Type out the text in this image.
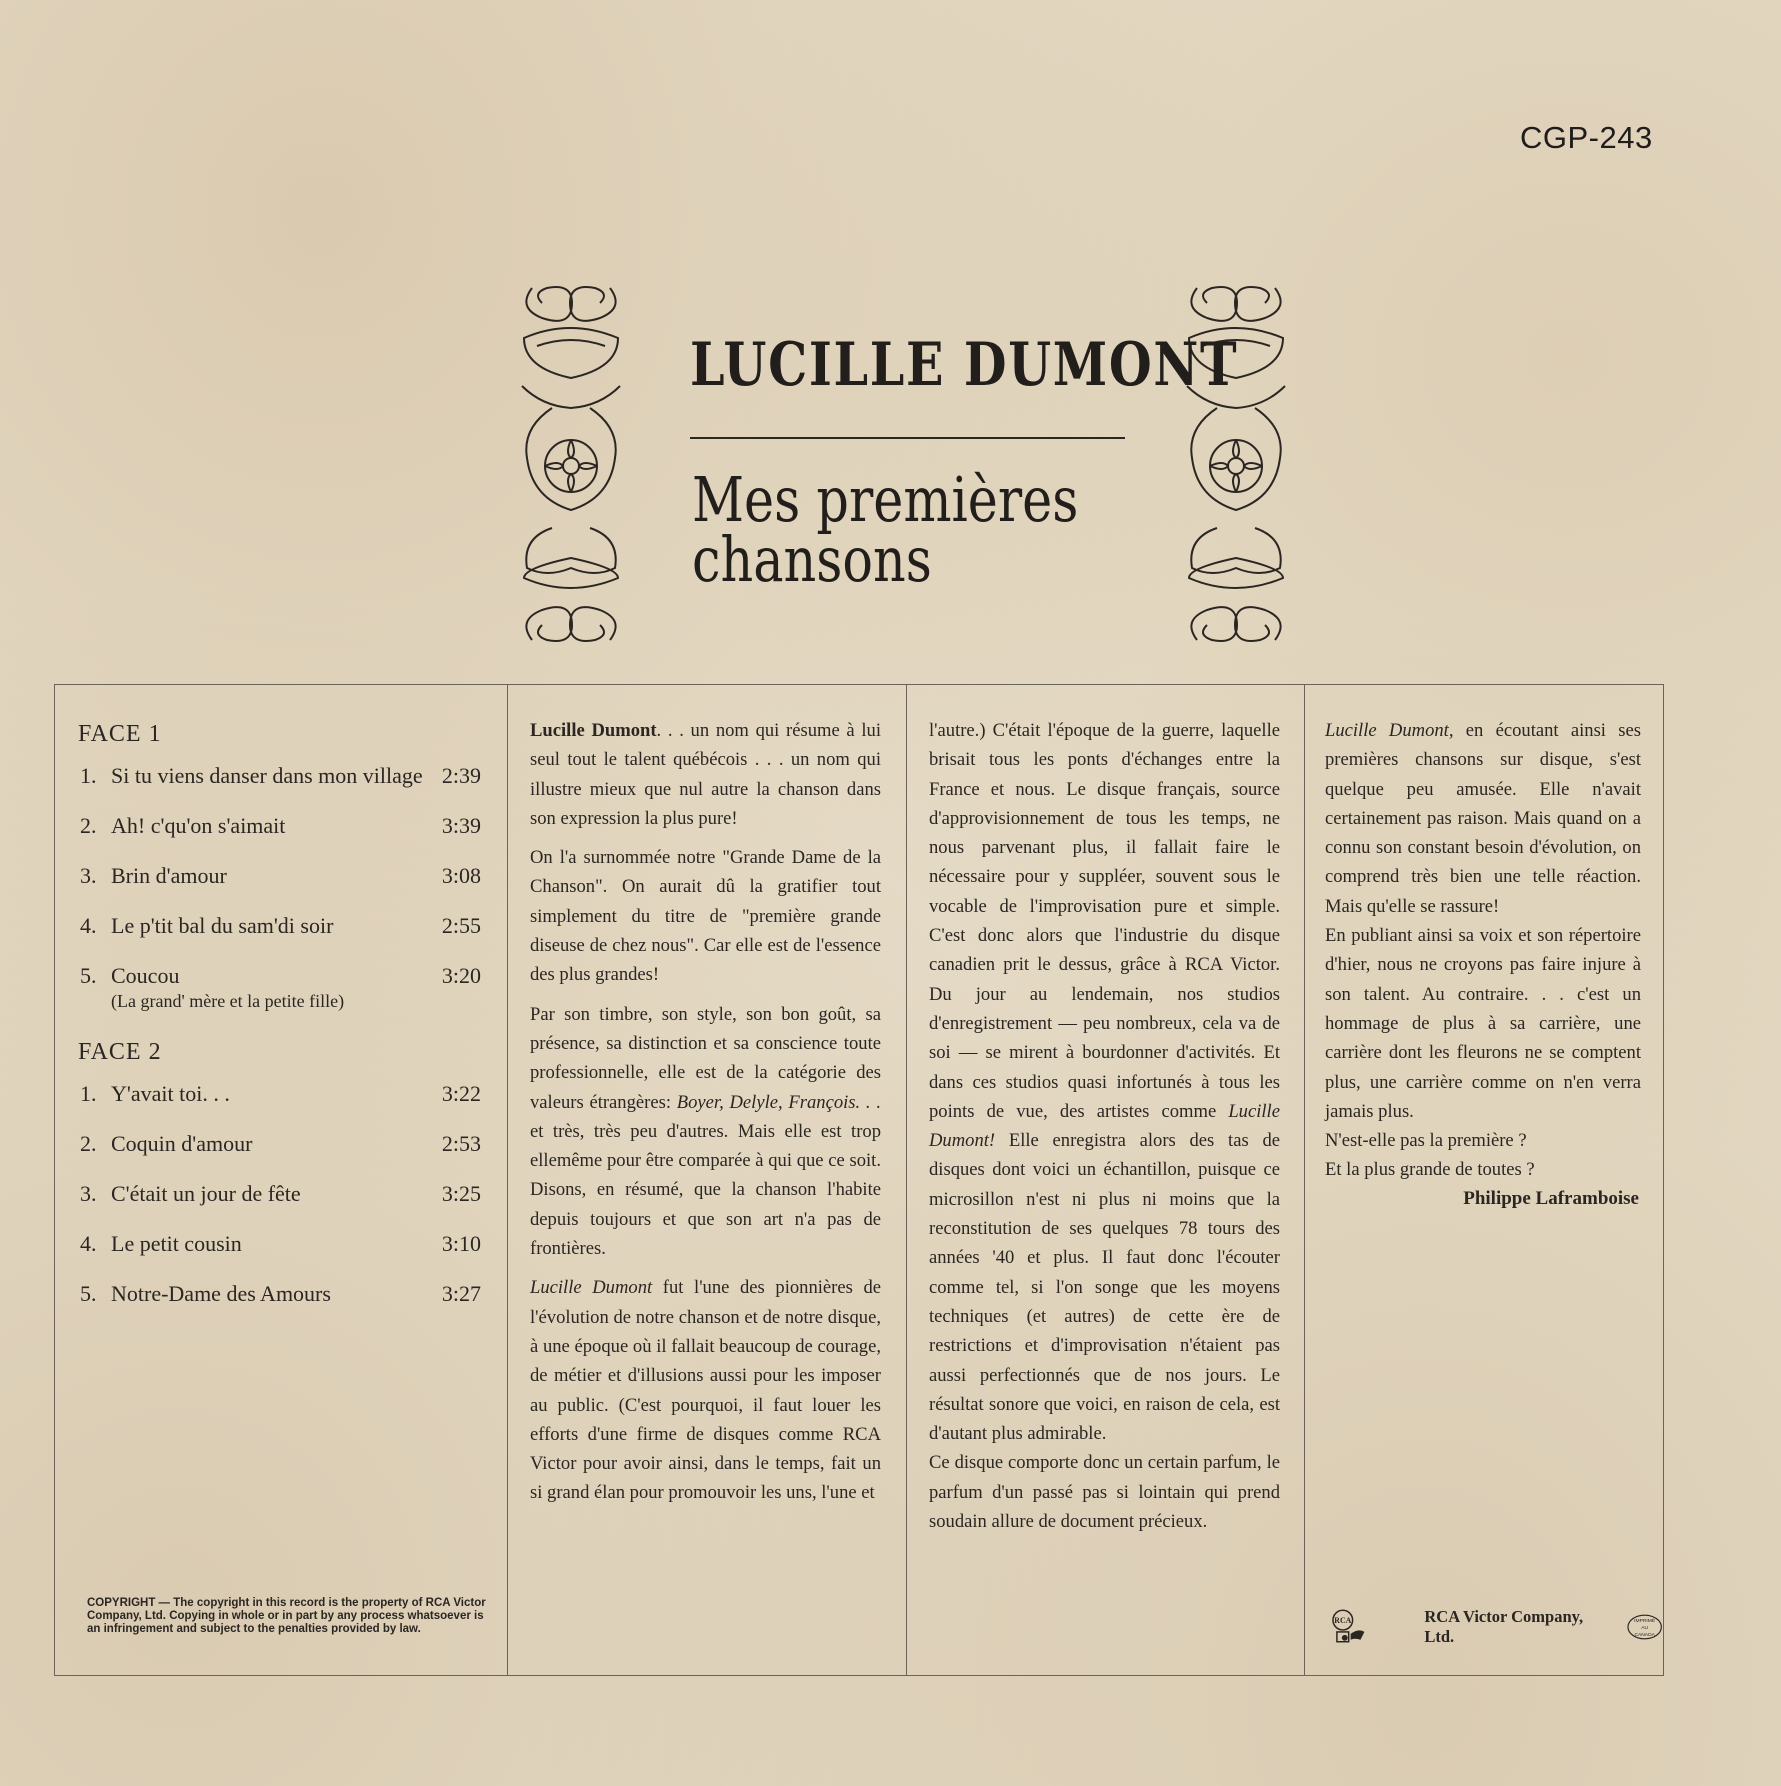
CGP-243
LUCILLE DUMONT
Mes premières
chansons
FACE 1
1. Si tu viens danser dans mon village 2:39
2. Ah! c'qu'on s'aimait	3:39
3. Brin d'amour	3:08
4. Le p'tit bal du sam'di soir	2:55
5. Coucou	3:20
(La grand' mère et la petite fille)
FACE 2
1. Y'avait toi. . .	3:22
2. Coquin d'amour	2:53
3. C'était un jour de fête	3:25
4. Le petit cousin	3:10
5. Notre-Dame des Amours	3:27
COPYRIGHT — The copyright in this record is the property of RCA Victor Company, Ltd. Copying in whole or in part by any process whatsoever is an infringement and subject to the penalties provided by law.

Lucille Dumont. . . un nom qui résume à lui seul tout le talent québécois . . . un nom qui illustre mieux que nul autre la chanson dans son expression la plus pure!

On l'a surnommée notre "Grande Dame de la Chanson". On aurait dû la gratifier tout simplement du titre de "première grande diseuse de chez nous". Car elle est de l'essence des plus grandes!

Par son timbre, son style, son bon goût, sa présence, sa distinction et sa conscience toute professionnelle, elle est de la catégorie des valeurs étrangères: Boyer, Delyle, François. . . et très, très peu d'autres. Mais elle est trop ellemême pour être comparée à qui que ce soit. Disons, en résumé, que la chanson l'habite depuis toujours et que son art n'a pas de frontières.

Lucille Dumont fut l'une des pionnières de l'évolution de notre chanson et de notre disque, à une époque où il fallait beaucoup de courage, de métier et d'illusions aussi pour les imposer au public. (C'est pourquoi, il faut louer les efforts d'une firme de disques comme RCA Victor pour avoir ainsi, dans le temps, fait un si grand élan pour promouvoir les uns, l'une et

l'autre.) C'était l'époque de la guerre, laquelle brisait tous les ponts d'échanges entre la France et nous. Le disque français, source d'approvisionnement de tous les temps, ne nous parvenant plus, il fallait faire le nécessaire pour y suppléer, souvent sous le vocable de l'improvisation pure et simple. C'est donc alors que l'industrie du disque canadien prit le dessus, grâce à RCA Victor. Du jour au lendemain, nos studios d'enregistrement — peu nombreux, cela va de soi — se mirent à bourdonner d'activités. Et dans ces studios quasi infortunés à tous les points de vue, des artistes comme Lucille Dumont! Elle enregistra alors des tas de disques dont voici un échantillon, puisque ce microsillon n'est ni plus ni moins que la reconstitution de ses quelques 78 tours des années '40 et plus. Il faut donc l'écouter comme tel, si l'on songe que les moyens techniques (et autres) de cette ère de restrictions et d'improvisation n'étaient pas aussi perfectionnés que de nos jours. Le résultat sonore que voici, en raison de cela, est d'autant plus admirable.

Ce disque comporte donc un certain parfum, le parfum d'un passé pas si lointain qui prend soudain allure de document précieux.

Lucille Dumont, en écoutant ainsi ses premières chansons sur disque, s'est quelque peu amusée. Elle n'avait certainement pas raison. Mais quand on a connu son constant besoin d'évolution, on comprend très bien une telle réaction. Mais qu'elle se rassure!

En publiant ainsi sa voix et son répertoire d'hier, nous ne croyons pas faire injure à son talent. Au contraire. . . c'est un hommage de plus à sa carrière, une carrière dont les fleurons ne se comptent plus, une carrière comme on n'en verra jamais plus.

N'est-elle pas la première ?

Et la plus grande de toutes ?

Philippe Laframboise
RCA	RCA Victor Company, Ltd.
IMPRIMÉ
AU
CANADA
